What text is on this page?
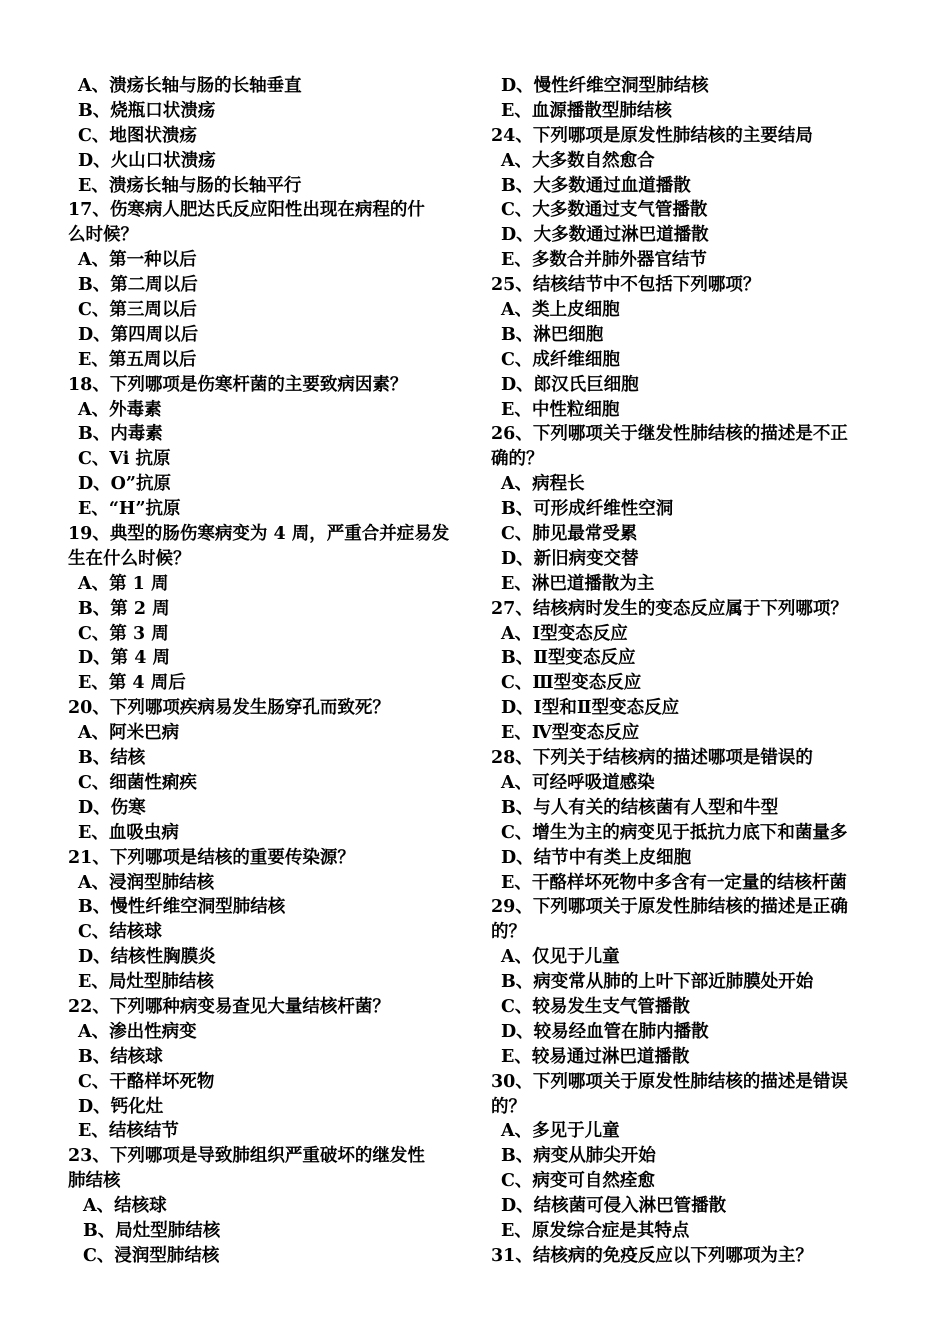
A、溃疡长轴与肠的长轴垂直
B、烧瓶口状溃疡
C、地图状溃疡
D、火山口状溃疡
E、溃疡长轴与肠的长轴平行
17、伤寒病人肥达氏反应阳性出现在病程的什
么时候？
A、第一种以后
B、第二周以后
C、第三周以后
D、第四周以后
E、第五周以后
18、下列哪项是伤寒杆菌的主要致病因素？
A、外毒素
B、内毒素
C、Vi 抗原
D、O”抗原
E、“H”抗原
19、典型的肠伤寒病变为 4 周，严重合并症易发
生在什么时候？
A、第 1 周
B、第 2 周
C、第 3 周
D、第 4 周
E、第 4 周后
20、下列哪项疾病易发生肠穿孔而致死？
A、阿米巴病
B、结核
C、细菌性痢疾
D、伤寒
E、血吸虫病
21、下列哪项是结核的重要传染源？
A、浸润型肺结核
B、慢性纤维空洞型肺结核
C、结核球
D、结核性胸膜炎
E、局灶型肺结核
22、下列哪种病变易查见大量结核杆菌？
A、渗出性病变
B、结核球
C、干酪样坏死物
D、钙化灶
E、结核结节
23、下列哪项是导致肺组织严重破坏的继发性
肺结核
A、结核球
B、局灶型肺结核
C、浸润型肺结核
D、慢性纤维空洞型肺结核
E、血源播散型肺结核
24、下列哪项是原发性肺结核的主要结局
A、大多数自然愈合
B、大多数通过血道播散
C、大多数通过支气管播散
D、大多数通过淋巴道播散
E、多数合并肺外器官结节
25、结核结节中不包括下列哪项？
A、类上皮细胞
B、淋巴细胞
C、成纤维细胞
D、郎汉氏巨细胞
E、中性粒细胞
26、下列哪项关于继发性肺结核的描述是不正
确的？
A、病程长
B、可形成纤维性空洞
C、肺见最常受累
D、新旧病变交替
E、淋巴道播散为主
27、结核病时发生的变态反应属于下列哪项？
A、Ⅰ型变态反应
B、Ⅱ型变态反应
C、Ⅲ型变态反应
D、Ⅰ型和Ⅱ型变态反应
E、Ⅳ型变态反应
28、下列关于结核病的描述哪项是错误的
A、可经呼吸道感染
B、与人有关的结核菌有人型和牛型
C、增生为主的病变见于抵抗力底下和菌量多
D、结节中有类上皮细胞
E、干酪样坏死物中多含有一定量的结核杆菌
29、下列哪项关于原发性肺结核的描述是正确
的？
A、仅见于儿童
B、病变常从肺的上叶下部近肺膜处开始
C、较易发生支气管播散
D、较易经血管在肺内播散
E、较易通过淋巴道播散
30、下列哪项关于原发性肺结核的描述是错误
的？
A、多见于儿童
B、病变从肺尖开始
C、病变可自然痊愈
D、结核菌可侵入淋巴管播散
E、原发综合症是其特点
31、结核病的免疫反应以下列哪项为主？
